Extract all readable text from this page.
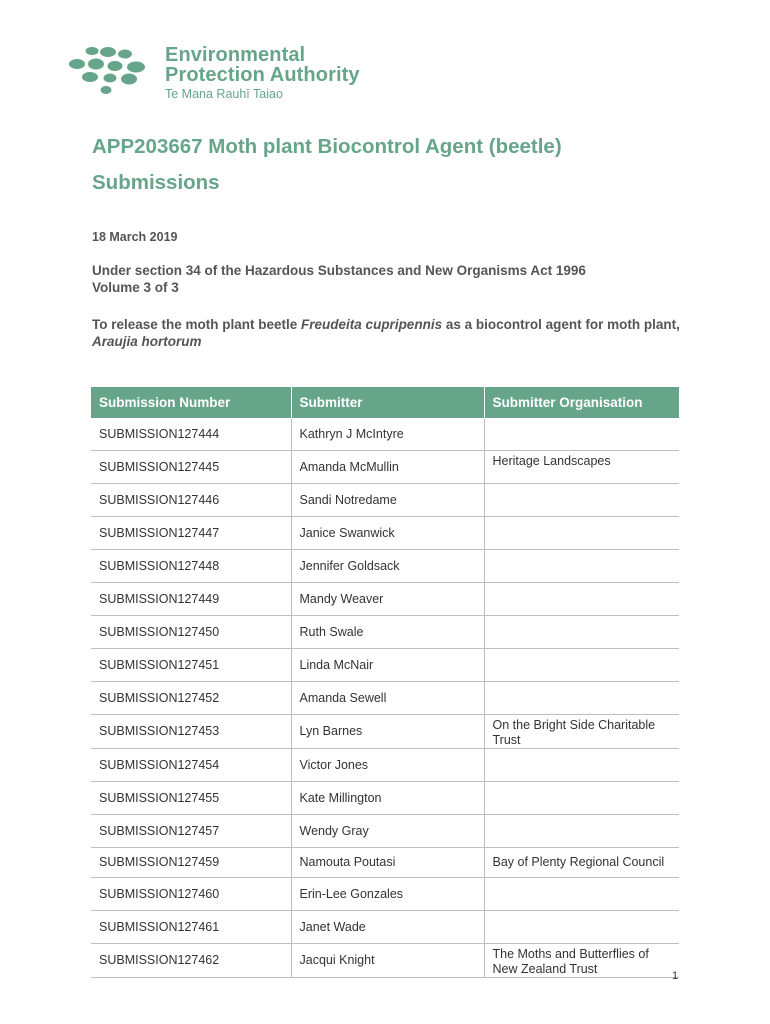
Environmental
Protection Authority
Te Mana Rauhī Taiao
APP203667 Moth plant Biocontrol Agent (beetle)
Submissions
18 March 2019
Under section 34 of the Hazardous Substances and New Organisms Act 1996
Volume 3 of 3
To release the moth plant beetle Freudeita cupripennis as a biocontrol agent for moth plant, Araujia hortorum
Submission Number	Submitter	Submitter Organisation
SUBMISSION127444	Kathryn J McIntyre	
SUBMISSION127445	Amanda McMullin	Heritage Landscapes
SUBMISSION127446	Sandi Notredame	
SUBMISSION127447	Janice Swanwick	
SUBMISSION127448	Jennifer Goldsack	
SUBMISSION127449	Mandy Weaver	
SUBMISSION127450	Ruth Swale	
SUBMISSION127451	Linda McNair	
SUBMISSION127452	Amanda Sewell	
SUBMISSION127453	Lyn Barnes	On the Bright Side Charitable Trust
SUBMISSION127454	Victor Jones	
SUBMISSION127455	Kate Millington	
SUBMISSION127457	Wendy Gray	
SUBMISSION127459	Namouta Poutasi	Bay of Plenty Regional Council
SUBMISSION127460	Erin-Lee Gonzales	
SUBMISSION127461	Janet Wade	
SUBMISSION127462	Jacqui Knight	The Moths and Butterflies of New Zealand Trust	1
